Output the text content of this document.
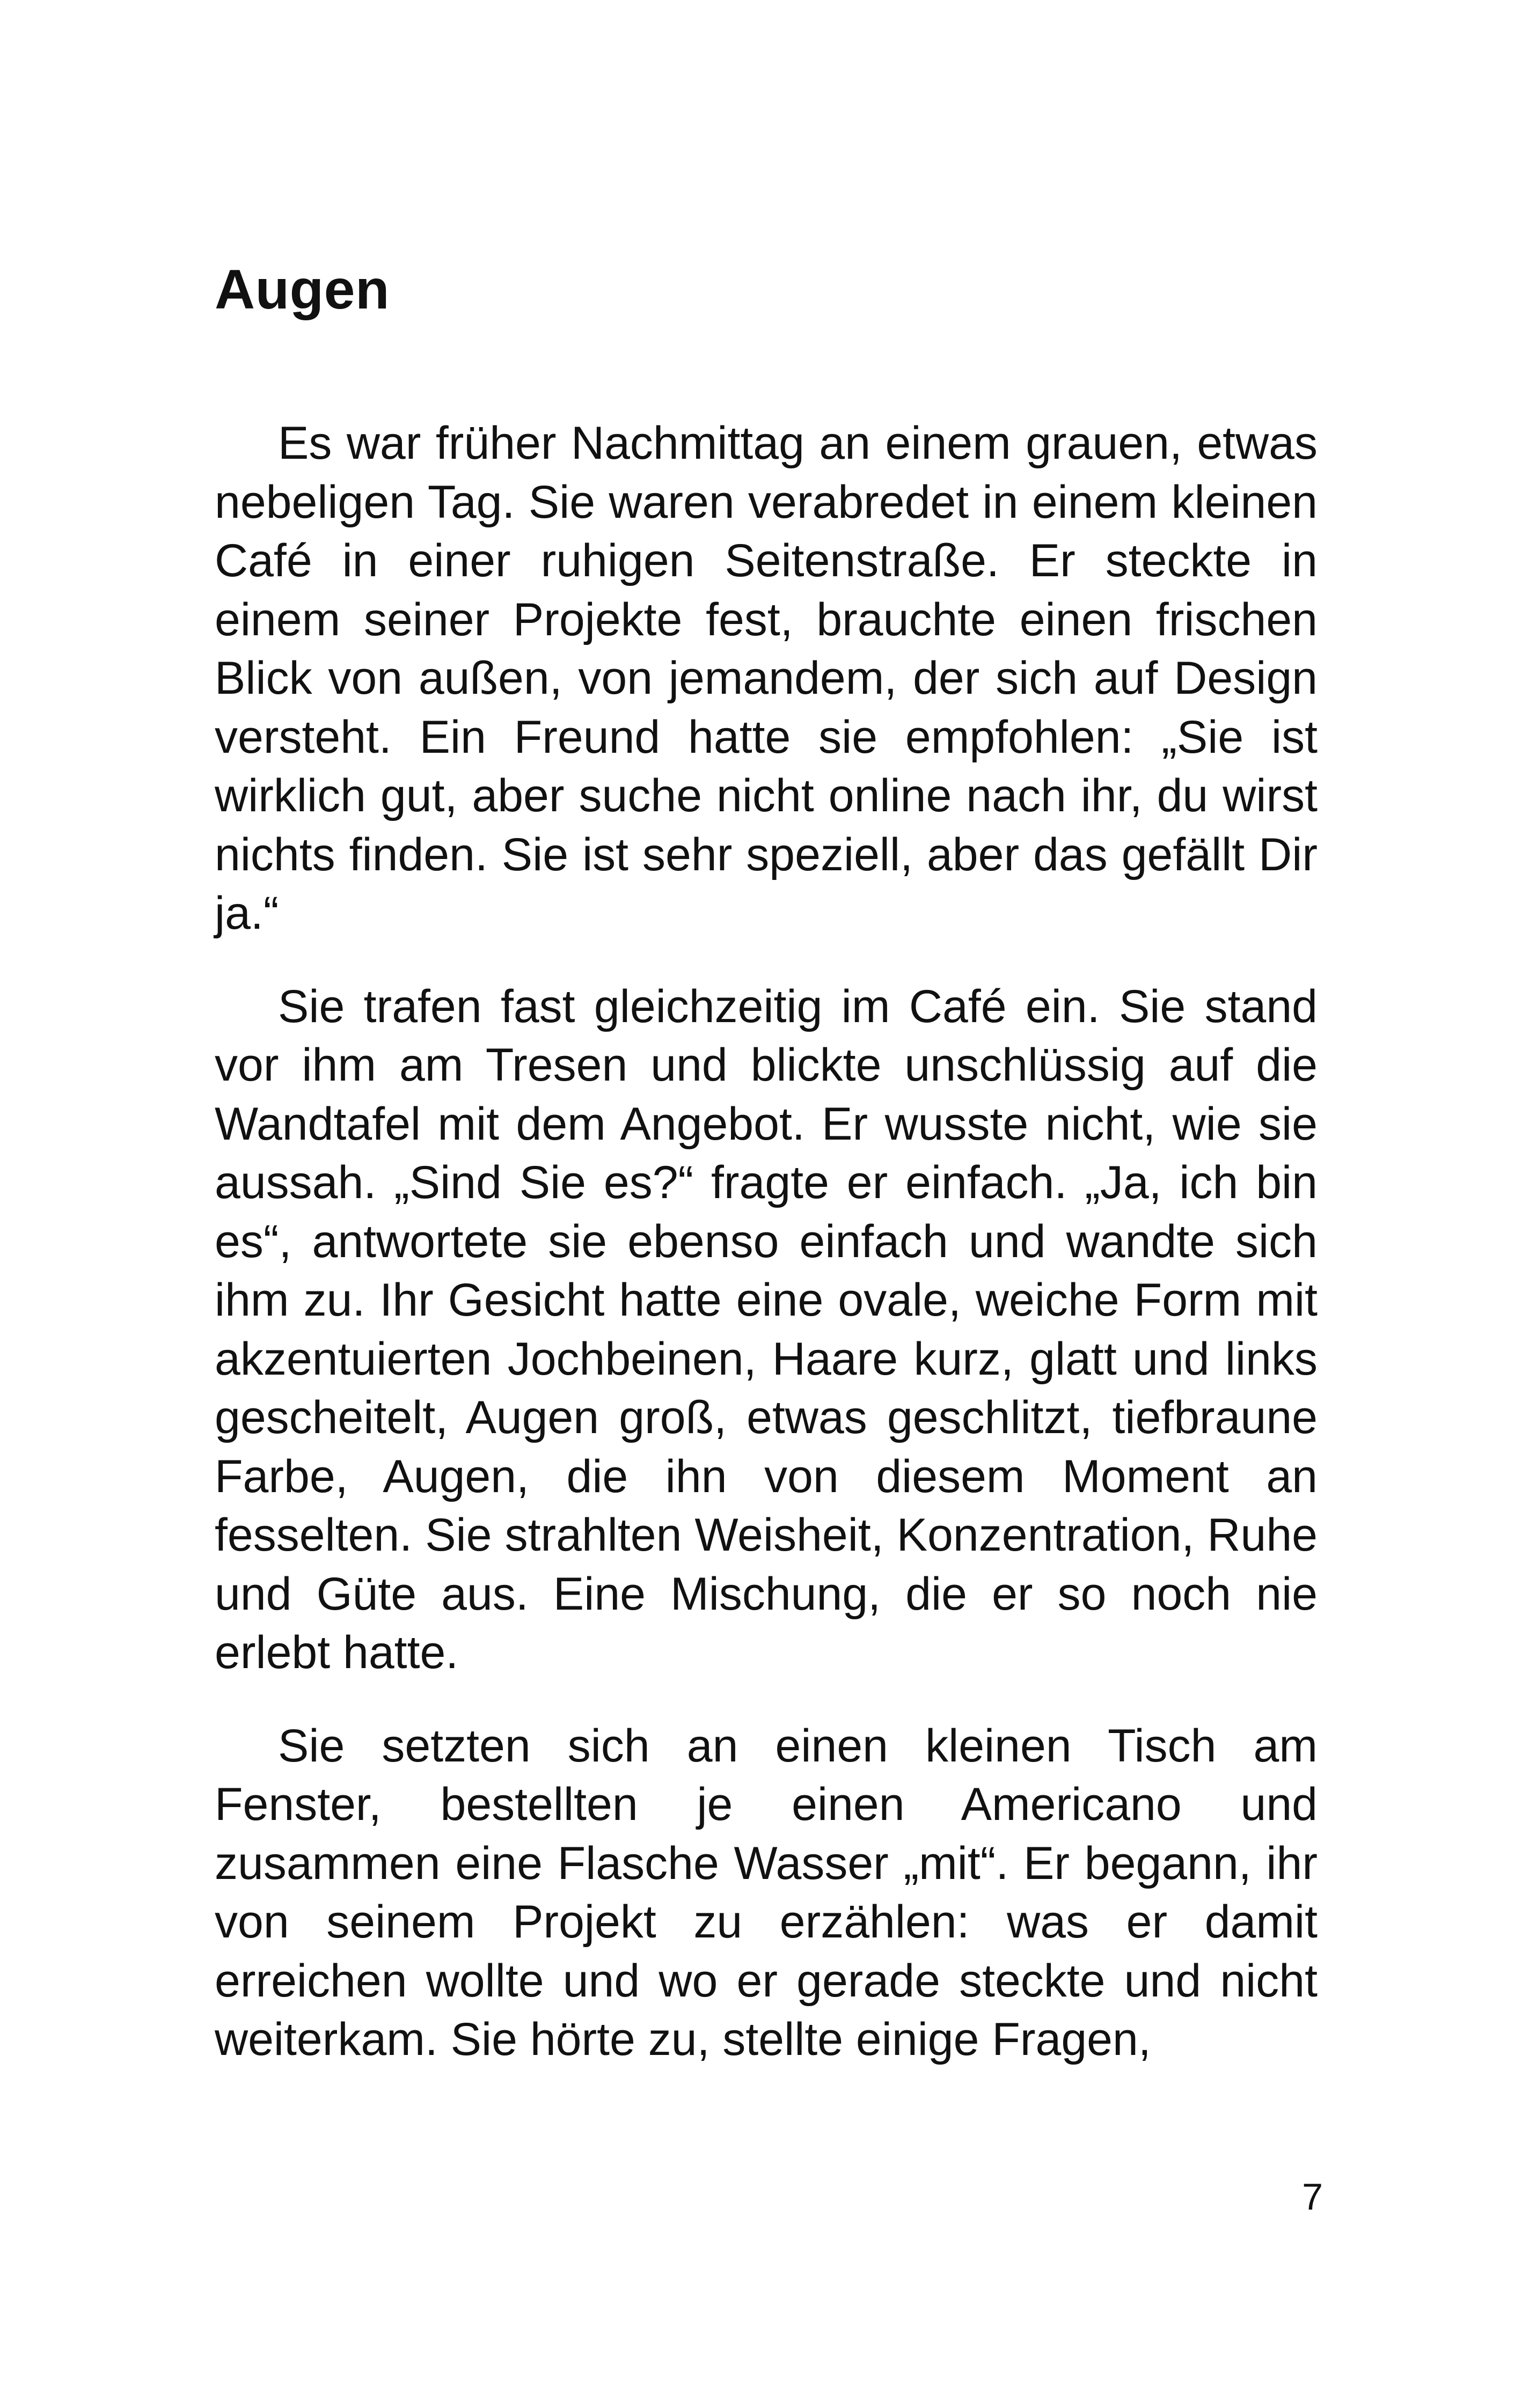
Augen

Es war früher Nachmittag an einem grauen, etwas nebeligen Tag. Sie waren verabredet in einem kleinen Café in einer ruhigen Seitenstraße. Er steckte in einem seiner Projekte fest, brauchte einen frischen Blick von außen, von jemandem, der sich auf Design versteht. Ein Freund hatte sie empfohlen: „Sie ist wirklich gut, aber suche nicht online nach ihr, du wirst nichts finden. Sie ist sehr speziell, aber das gefällt Dir ja.“

Sie trafen fast gleichzeitig im Café ein. Sie stand vor ihm am Tresen und blickte unschlüssig auf die Wandtafel mit dem Angebot. Er wusste nicht, wie sie aussah. „Sind Sie es?“ fragte er einfach. „Ja, ich bin es“, antwortete sie ebenso einfach und wandte sich ihm zu. Ihr Gesicht hatte eine ovale, weiche Form mit akzentuierten Jochbeinen, Haare kurz, glatt und links gescheitelt, Augen groß, etwas geschlitzt, tiefbraune Farbe, Augen, die ihn von diesem Moment an fesselten. Sie strahlten Weisheit, Konzentration, Ruhe und Güte aus. Eine Mischung, die er so noch nie erlebt hatte.

Sie setzten sich an einen kleinen Tisch am Fenster, bestellten je einen Americano und zusammen eine Flasche Wasser „mit“. Er begann, ihr von seinem Projekt zu erzählen: was er damit erreichen wollte und wo er gerade steckte und nicht weiterkam. Sie hörte zu, stellte einige Fragen,

7
